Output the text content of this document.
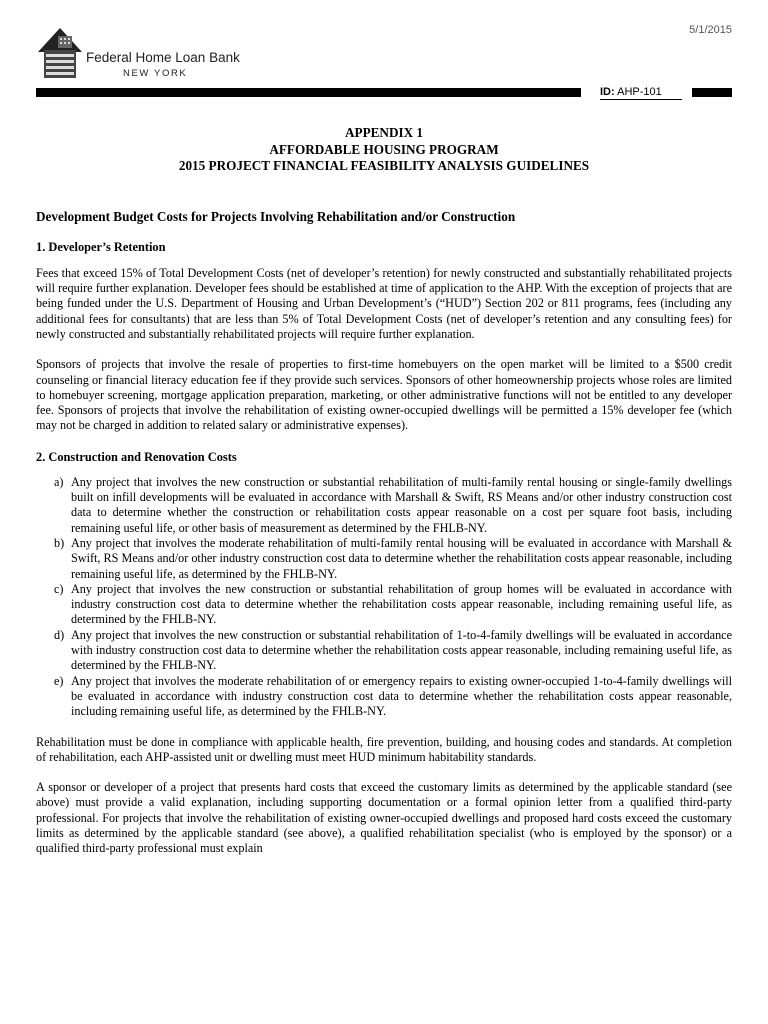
5/1/2015
Federal Home Loan Bank
NEW YORK
ID: AHP-101

APPENDIX 1

AFFORDABLE HOUSING PROGRAM

2015 PROJECT FINANCIAL FEASIBILITY ANALYSIS GUIDELINES

Development Budget Costs for Projects Involving Rehabilitation and/or Construction
1. Developer’s Retention

Fees that exceed 15% of Total Development Costs (net of developer’s retention) for newly constructed and substantially rehabilitated projects will require further explanation. Developer fees should be established at time of application to the AHP. With the exception of projects that are being funded under the U.S. Department of Housing and Urban Development’s (“HUD”) Section 202 or 811 programs, fees (including any additional fees for consultants) that are less than 5% of Total Development Costs (net of developer’s retention and any consulting fees) for newly constructed and substantially rehabilitated projects will require further explanation.

Sponsors of projects that involve the resale of properties to first-time homebuyers on the open market will be limited to a $500 credit counseling or financial literacy education fee if they provide such services. Sponsors of other homeownership projects whose roles are limited to homebuyer screening, mortgage application preparation, marketing, or other administrative functions will not be entitled to any developer fee. Sponsors of projects that involve the rehabilitation of existing owner-occupied dwellings will be permitted a 15% developer fee (which may not be charged in addition to related salary or administrative expenses).

2. Construction and Renovation Costs
a) Any project that involves the new construction or substantial rehabilitation of multi-family rental housing or single-family dwellings built on infill developments will be evaluated in accordance with Marshall & Swift, RS Means and/or other industry construction cost data to determine whether the construction or rehabilitation costs appear reasonable on a cost per square foot basis, including remaining useful life, or other basis of measurement as determined by the FHLB-NY.
b) Any project that involves the moderate rehabilitation of multi-family rental housing will be evaluated in accordance with Marshall & Swift, RS Means and/or other industry construction cost data to determine whether the rehabilitation costs appear reasonable, including remaining useful life, as determined by the FHLB-NY.
c) Any project that involves the new construction or substantial rehabilitation of group homes will be evaluated in accordance with industry construction cost data to determine whether the rehabilitation costs appear reasonable, including remaining useful life, as determined by the FHLB-NY.
d) Any project that involves the new construction or substantial rehabilitation of 1-to-4-family dwellings will be evaluated in accordance with industry construction cost data to determine whether the rehabilitation costs appear reasonable, including remaining useful life, as determined by the FHLB-NY.
e) Any project that involves the moderate rehabilitation of or emergency repairs to existing owner-occupied 1-to-4-family dwellings will be evaluated in accordance with industry construction cost data to determine whether the rehabilitation costs appear reasonable, including remaining useful life, as determined by the FHLB-NY.

Rehabilitation must be done in compliance with applicable health, fire prevention, building, and housing codes and standards. At completion of rehabilitation, each AHP-assisted unit or dwelling must meet HUD minimum habitability standards.

A sponsor or developer of a project that presents hard costs that exceed the customary limits as determined by the applicable standard (see above) must provide a valid explanation, including supporting documentation or a formal opinion letter from a qualified third-party professional. For projects that involve the rehabilitation of existing owner-occupied dwellings and proposed hard costs exceed the customary limits as determined by the applicable standard (see above), a qualified rehabilitation specialist (who is employed by the sponsor) or a qualified third-party professional must explain
